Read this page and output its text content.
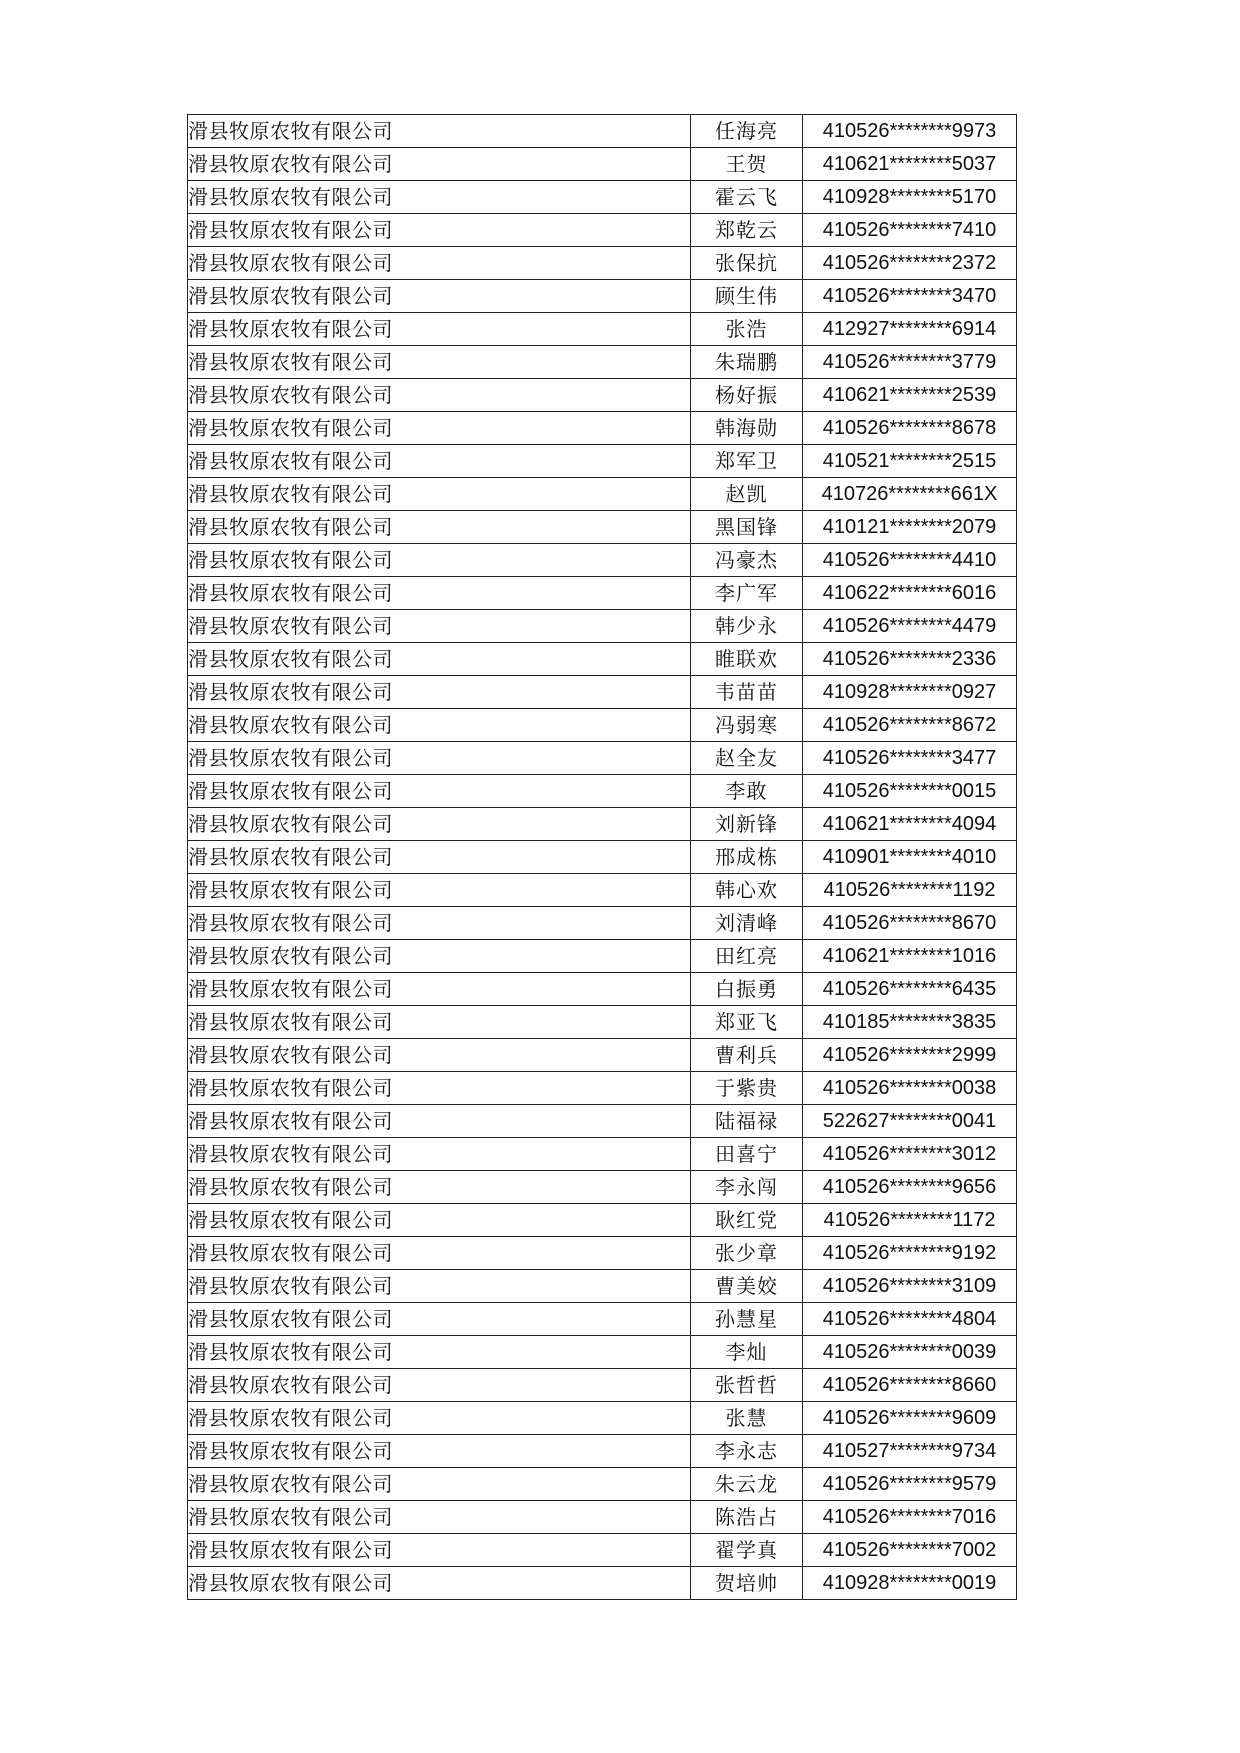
滑县牧原农牧有限公司	任海亮	410526********9973
滑县牧原农牧有限公司	王贺	410621********5037
滑县牧原农牧有限公司	霍云飞	410928********5170
滑县牧原农牧有限公司	郑乾云	410526********7410
滑县牧原农牧有限公司	张保抗	410526********2372
滑县牧原农牧有限公司	顾生伟	410526********3470
滑县牧原农牧有限公司	张浩	412927********6914
滑县牧原农牧有限公司	朱瑞鹏	410526********3779
滑县牧原农牧有限公司	杨好振	410621********2539
滑县牧原农牧有限公司	韩海勋	410526********8678
滑县牧原农牧有限公司	郑军卫	410521********2515
滑县牧原农牧有限公司	赵凯	410726********661X
滑县牧原农牧有限公司	黑国锋	410121********2079
滑县牧原农牧有限公司	冯豪杰	410526********4410
滑县牧原农牧有限公司	李广军	410622********6016
滑县牧原农牧有限公司	韩少永	410526********4479
滑县牧原农牧有限公司	睢联欢	410526********2336
滑县牧原农牧有限公司	韦苗苗	410928********0927
滑县牧原农牧有限公司	冯弱寒	410526********8672
滑县牧原农牧有限公司	赵全友	410526********3477
滑县牧原农牧有限公司	李敢	410526********0015
滑县牧原农牧有限公司	刘新锋	410621********4094
滑县牧原农牧有限公司	邢成栋	410901********4010
滑县牧原农牧有限公司	韩心欢	410526********1192
滑县牧原农牧有限公司	刘清峰	410526********8670
滑县牧原农牧有限公司	田红亮	410621********1016
滑县牧原农牧有限公司	白振勇	410526********6435
滑县牧原农牧有限公司	郑亚飞	410185********3835
滑县牧原农牧有限公司	曹利兵	410526********2999
滑县牧原农牧有限公司	于紫贵	410526********0038
滑县牧原农牧有限公司	陆福禄	522627********0041
滑县牧原农牧有限公司	田喜宁	410526********3012
滑县牧原农牧有限公司	李永闯	410526********9656
滑县牧原农牧有限公司	耿红党	410526********1172
滑县牧原农牧有限公司	张少章	410526********9192
滑县牧原农牧有限公司	曹美姣	410526********3109
滑县牧原农牧有限公司	孙慧星	410526********4804
滑县牧原农牧有限公司	李灿	410526********0039
滑县牧原农牧有限公司	张哲哲	410526********8660
滑县牧原农牧有限公司	张慧	410526********9609
滑县牧原农牧有限公司	李永志	410527********9734
滑县牧原农牧有限公司	朱云龙	410526********9579
滑县牧原农牧有限公司	陈浩占	410526********7016
滑县牧原农牧有限公司	翟学真	410526********7002
滑县牧原农牧有限公司	贺培帅	410928********0019
